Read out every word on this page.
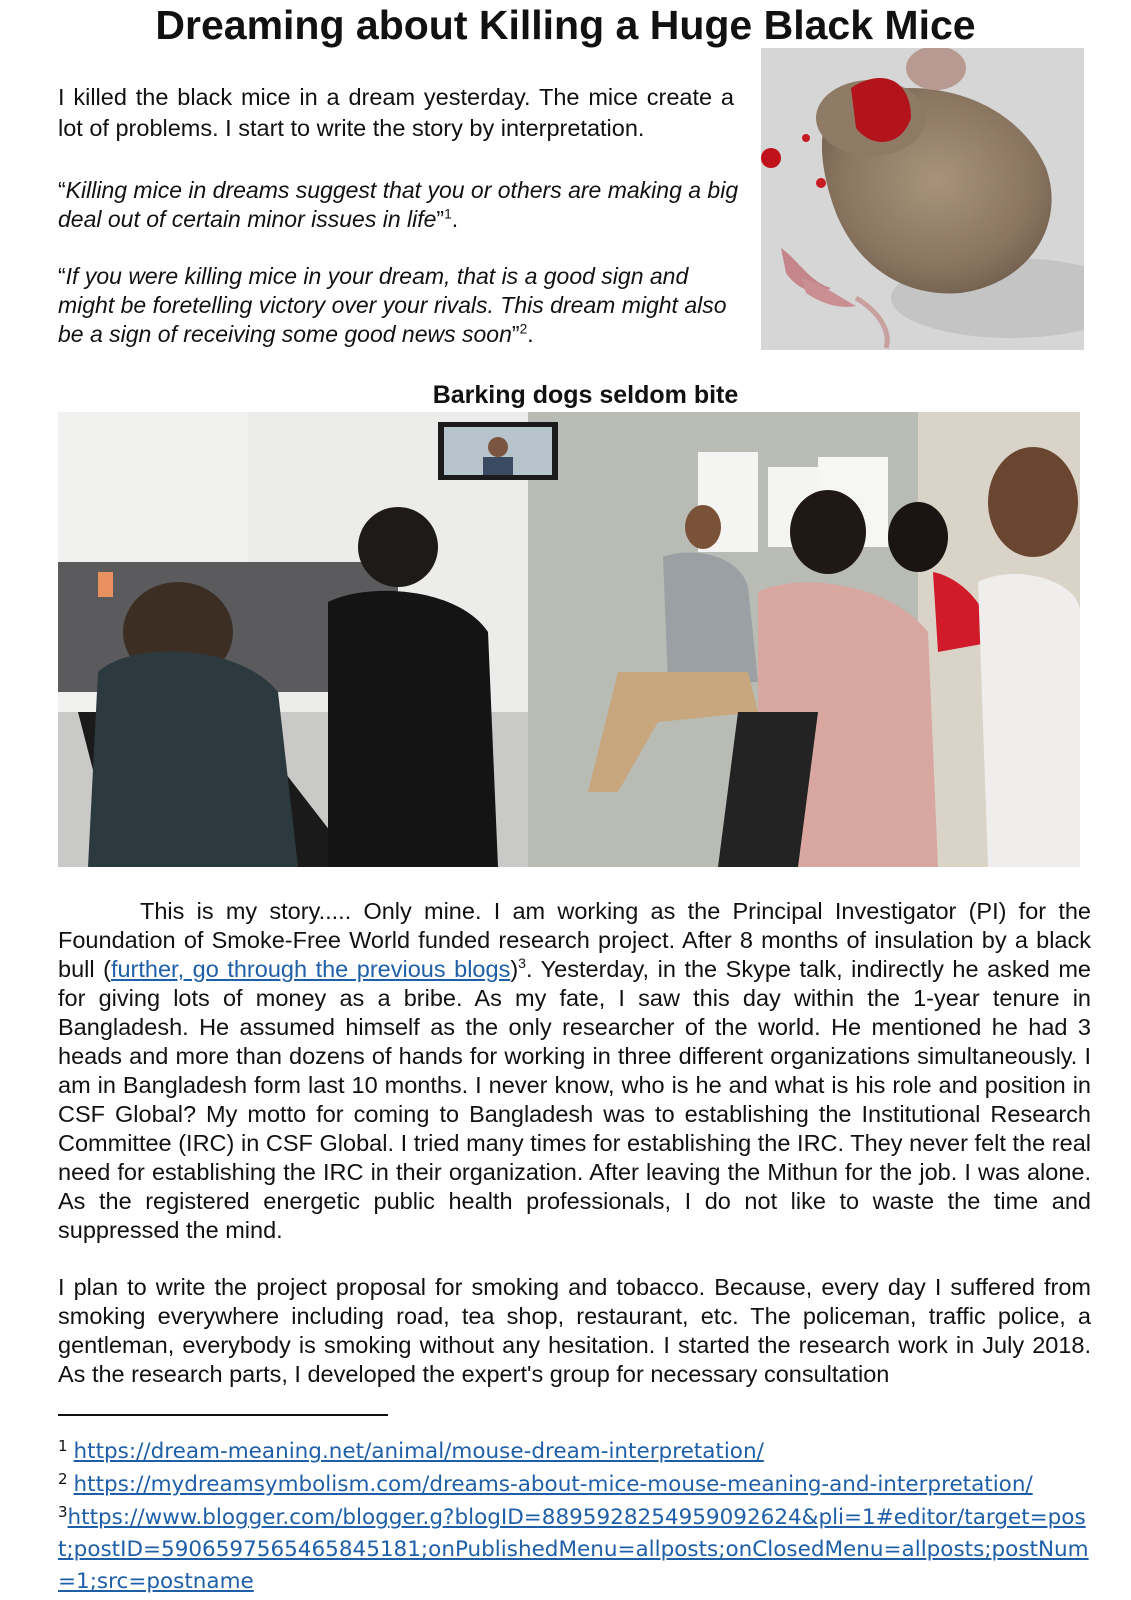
Dreaming about Killing a Huge Black Mice

I killed the black mice in a dream yesterday. The mice create a lot of problems. I start to write the story by interpretation.

“Killing mice in dreams suggest that you or others are making a big deal out of certain minor issues in life”$^1$.

“If you were killing mice in your dream, that is a good sign and might be foretelling victory over your rivals. This dream might also be a sign of receiving some good news soon”$^2$.

Barking dogs seldom bite

This is my story..... Only mine. I am working as the Principal Investigator (PI) for the Foundation of Smoke-Free World funded research project. After 8 months of insulation by a black bull (further, go through the previous blogs)$^3$. Yesterday, in the Skype talk, indirectly he asked me for giving lots of money as a bribe. As my fate, I saw this day within the 1-year tenure in Bangladesh. He assumed himself as the only researcher of the world. He mentioned he had 3 heads and more than dozens of hands for working in three different organizations simultaneously. I am in Bangladesh form last 10 months. I never know, who is he and what is his role and position in CSF Global? My motto for coming to Bangladesh was to establishing the Institutional Research Committee (IRC) in CSF Global. I tried many times for establishing the IRC. They never felt the real need for establishing the IRC in their organization. After leaving the Mithun for the job. I was alone. As the registered energetic public health professionals, I do not like to waste the time and suppressed the mind.

I plan to write the project proposal for smoking and tobacco. Because, every day I suffered from smoking everywhere including road, tea shop, restaurant, etc. The policeman, traffic police, a gentleman, everybody is smoking without any hesitation. I started the research work in July 2018. As the research parts, I developed the expert's group for necessary consultation

$^1$ https://dream-meaning.net/animal/mouse-dream-interpretation/

$^2$ https://mydreamsymbolism.com/dreams-about-mice-mouse-meaning-and-interpretation/

$^3$https://www.blogger.com/blogger.g?blogID=8895928254959092624&pli=1#editor/target=post;postID=5906597565465845181;onPublishedMenu=allposts;onClosedMenu=allposts;postNum=1;src=postname
